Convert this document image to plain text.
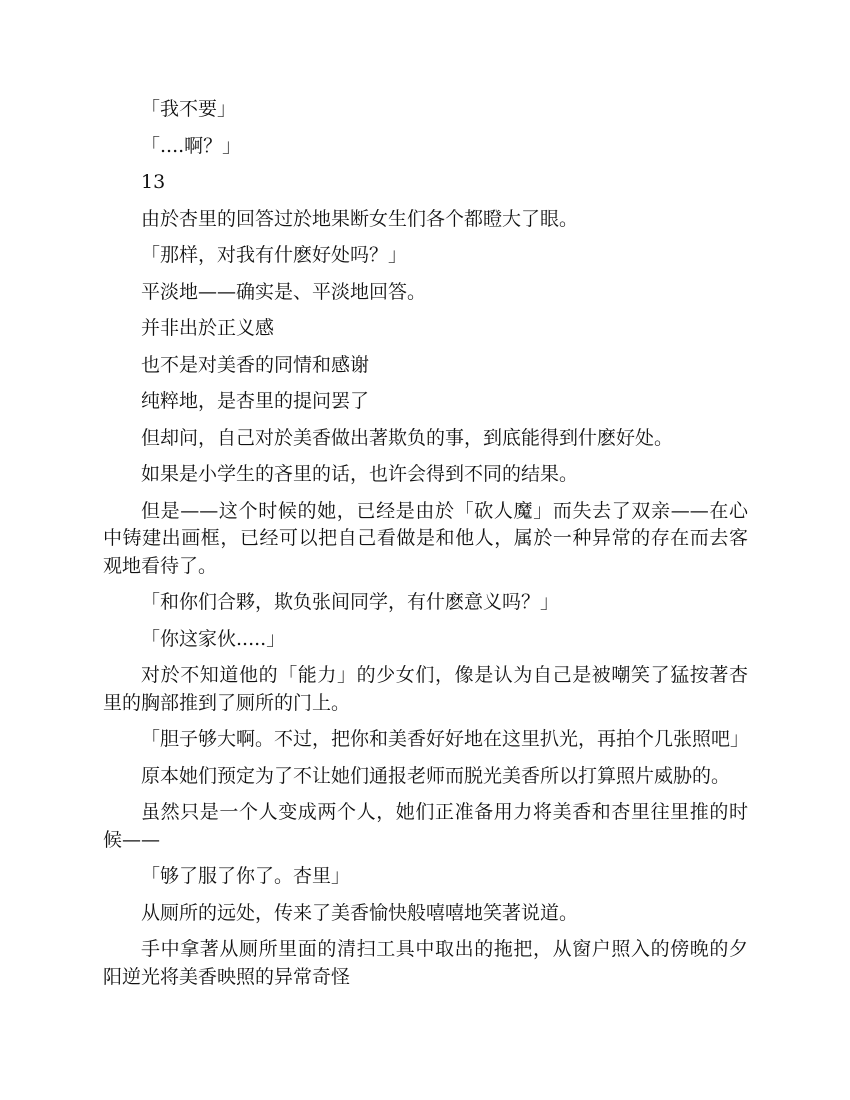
「我不要」

「....啊？」

13

由於杏里的回答过於地果断女生们各个都瞪大了眼。

「那样，对我有什麽好处吗？」

平淡地——确实是、平淡地回答。

并非出於正义感

也不是对美香的同情和感谢

纯粹地，是杏里的提问罢了

但却问，自己对於美香做出著欺负的事，到底能得到什麽好处。

如果是小学生的吝里的话，也许会得到不同的结果。

但是——这个时候的她，已经是由於「砍人魔」而失去了双亲——在心中铸建出画框，已经可以把自己看做是和他人，属於一种异常的存在而去客观地看待了。

「和你们合夥，欺负张间同学，有什麽意义吗？」

「你这家伙.....」

对於不知道他的「能力」的少女们，像是认为自己是被嘲笑了猛按著杏里的胸部推到了厕所的门上。

「胆子够大啊。不过，把你和美香好好地在这里扒光，再拍个几张照吧」

原本她们预定为了不让她们通报老师而脱光美香所以打算照片威胁的。

虽然只是一个人变成两个人，她们正准备用力将美香和杏里往里推的时候——

「够了服了你了。杏里」

从厕所的远处，传来了美香愉快般嘻嘻地笑著说道。

手中拿著从厕所里面的清扫工具中取出的拖把，从窗户照入的傍晚的夕阳逆光将美香映照的异常奇怪
